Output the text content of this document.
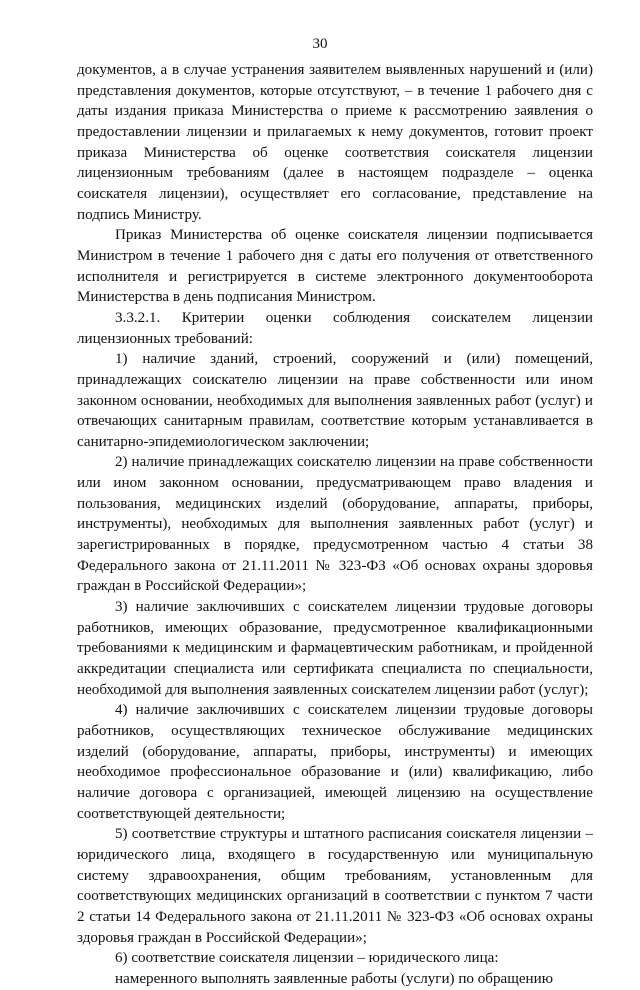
30

документов, а в случае устранения заявителем выявленных нарушений и (или) представления документов, которые отсутствуют, – в течение 1 рабочего дня с даты издания приказа Министерства о приеме к рассмотрению заявления о предоставлении лицензии и прилагаемых к нему документов, готовит проект приказа Министерства об оценке соответствия соискателя лицензии лицензионным требованиям (далее в настоящем подразделе – оценка соискателя лицензии), осуществляет его согласование, представление на подпись Министру.

Приказ Министерства об оценке соискателя лицензии подписывается Министром в течение 1 рабочего дня с даты его получения от ответственного исполнителя и регистрируется в системе электронного документооборота Министерства в день подписания Министром.

3.3.2.1. Критерии оценки соблюдения соискателем лицензии лицензионных требований:

1) наличие зданий, строений, сооружений и (или) помещений, принадлежащих соискателю лицензии на праве собственности или ином законном основании, необходимых для выполнения заявленных работ (услуг) и отвечающих санитарным правилам, соответствие которым устанавливается в санитарно-эпидемиологическом заключении;

2) наличие принадлежащих соискателю лицензии на праве собственности или ином законном основании, предусматривающем право владения и пользования, медицинских изделий (оборудование, аппараты, приборы, инструменты), необходимых для выполнения заявленных работ (услуг) и зарегистрированных в порядке, предусмотренном частью 4 статьи 38 Федерального закона от 21.11.2011 № 323-ФЗ «Об основах охраны здоровья граждан в Российской Федерации»;

3) наличие заключивших с соискателем лицензии трудовые договоры работников, имеющих образование, предусмотренное квалификационными требованиями к медицинским и фармацевтическим работникам, и пройденной аккредитации специалиста или сертификата специалиста по специальности, необходимой для выполнения заявленных соискателем лицензии работ (услуг);

4) наличие заключивших с соискателем лицензии трудовые договоры работников, осуществляющих техническое обслуживание медицинских изделий (оборудование, аппараты, приборы, инструменты) и имеющих необходимое профессиональное образование и (или) квалификацию, либо наличие договора с организацией, имеющей лицензию на осуществление соответствующей деятельности;

5) соответствие структуры и штатного расписания соискателя лицензии – юридического лица, входящего в государственную или муниципальную систему здравоохранения, общим требованиям, установленным для соответствующих медицинских организаций в соответствии с пунктом 7 части 2 статьи 14 Федерального закона от 21.11.2011 № 323-ФЗ «Об основах охраны здоровья граждан в Российской Федерации»;

6) соответствие соискателя лицензии – юридического лица:

намеренного выполнять заявленные работы (услуги) по обращению
